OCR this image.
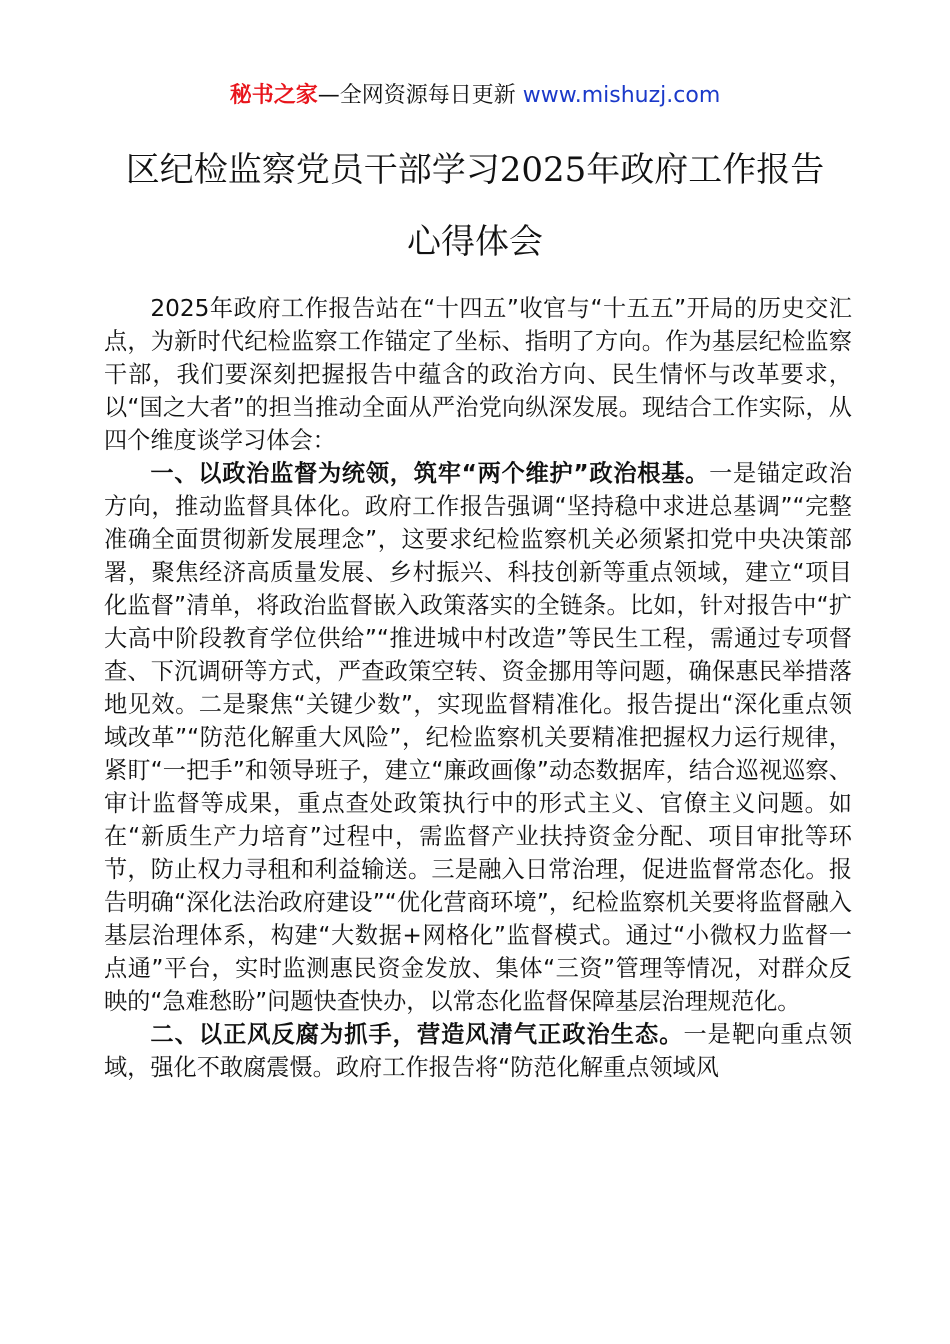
秘书之家—全网资源每日更新 www.mishuzj.com
区纪检监察党员干部学习2025年政府工作报告
心得体会

2025年政府工作报告站在“十四五”收官与“十五五”开局的历史交汇点，为新时代纪检监察工作锚定了坐标、指明了方向。作为基层纪检监察干部，我们要深刻把握报告中蕴含的政治方向、民生情怀与改革要求，以“国之大者”的担当推动全面从严治党向纵深发展。现结合工作实际，从四个维度谈学习体会：

一、以政治监督为统领，筑牢“两个维护”政治根基。一是锚定政治方向，推动监督具体化。政府工作报告强调“坚持稳中求进总基调”“完整准确全面贯彻新发展理念”，这要求纪检监察机关必须紧扣党中央决策部署，聚焦经济高质量发展、乡村振兴、科技创新等重点领域，建立“项目化监督”清单，将政治监督嵌入政策落实的全链条。比如，针对报告中“扩大高中阶段教育学位供给”“推进城中村改造”等民生工程，需通过专项督查、下沉调研等方式，严查政策空转、资金挪用等问题，确保惠民举措落地见效。二是聚焦“关键少数”，实现监督精准化。报告提出“深化重点领域改革”“防范化解重大风险”，纪检监察机关要精准把握权力运行规律，紧盯“一把手”和领导班子，建立“廉政画像”动态数据库，结合巡视巡察、审计监督等成果，重点查处政策执行中的形式主义、官僚主义问题。如在“新质生产力培育”过程中，需监督产业扶持资金分配、项目审批等环节，防止权力寻租和利益输送。三是融入日常治理，促进监督常态化。报告明确“深化法治政府建设”“优化营商环境”，纪检监察机关要将监督融入基层治理体系，构建“大数据+网格化”监督模式。通过“小微权力监督一点通”平台，实时监测惠民资金发放、集体“三资”管理等情况，对群众反映的“急难愁盼”问题快查快办，以常态化监督保障基层治理规范化。

二、以正风反腐为抓手，营造风清气正政治生态。一是靶向重点领域，强化不敢腐震慑。政府工作报告将“防范化解重点领域风
